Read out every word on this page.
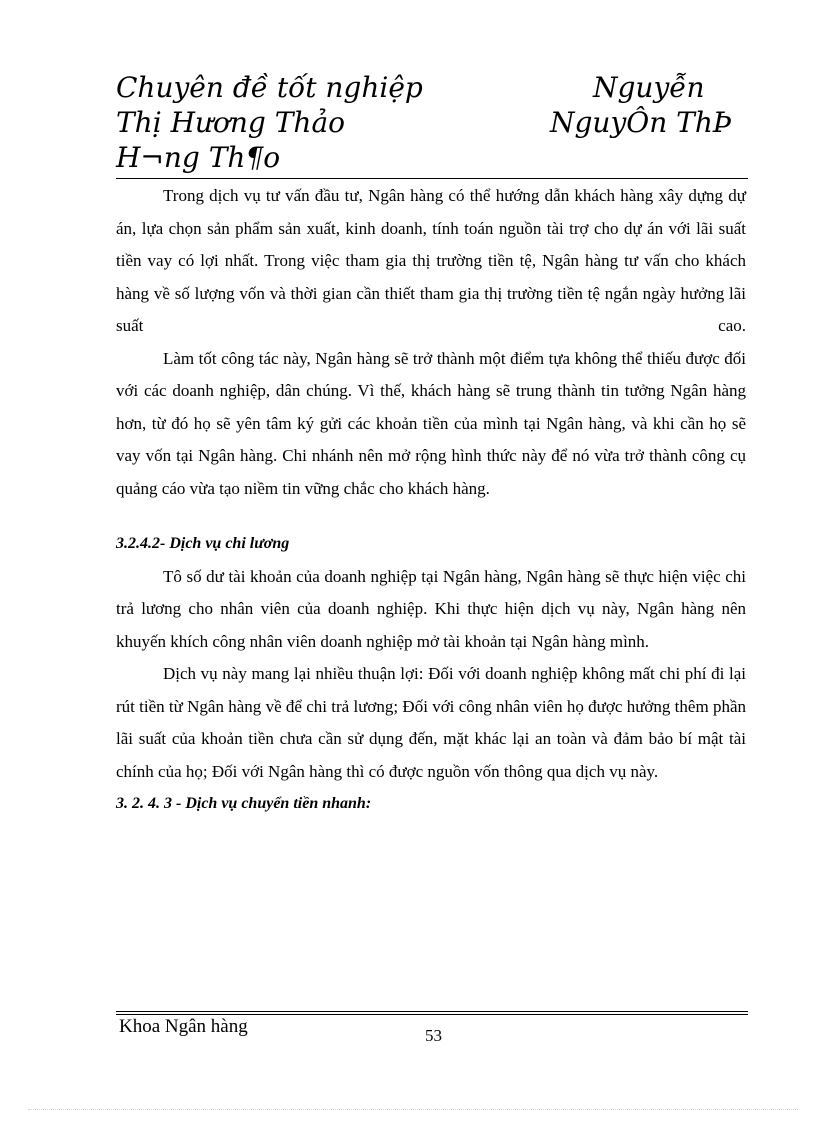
Chuyên đề tốt nghiệp	Nguyễn
Thị Hương Thảo	NguyÔn ThÞ
H¬ng Th¶o

Trong dịch vụ tư vấn đầu tư, Ngân hàng có thể hướng dẫn khách hàng xây dựng dự án, lựa chọn sản phẩm sản xuất, kinh doanh, tính toán nguồn tài trợ cho dự án với lãi suất tiền vay có lợi nhất. Trong việc tham gia thị trường tiền tệ, Ngân hàng tư vấn cho khách hàng về số lượng vốn và thời gian cần thiết tham gia thị trường tiền tệ ngắn ngày hưởng lãi suất cao.

Làm tốt công tác này, Ngân hàng sẽ trở thành một điểm tựa không thể thiếu được đối với các doanh nghiệp, dân chúng. Vì thế, khách hàng sẽ trung thành tin tưởng Ngân hàng hơn, từ đó họ sẽ yên tâm ký gửi các khoản tiền của mình tại Ngân hàng, và khi cần họ sẽ vay vốn tại Ngân hàng. Chi nhánh nên mở rộng hình thức này để nó vừa trở thành công cụ quảng cáo vừa tạo niềm tin vững chắc cho khách hàng.

3.2.4.2- Dịch vụ chi lương

Tô số dư tài khoản của doanh nghiệp tại Ngân hàng, Ngân hàng sẽ thực hiện việc chi trả lương cho nhân viên của doanh nghiệp. Khi thực hiện dịch vụ này, Ngân hàng nên khuyến khích công nhân viên doanh nghiệp mở tài khoản tại Ngân hàng mình.

Dịch vụ này mang lại nhiều thuận lợi: Đối với doanh nghiệp không mất chi phí đi lại rút tiền từ Ngân hàng về để chi trả lương; Đối với công nhân viên họ được hưởng thêm phần lãi suất của khoản tiền chưa cần sử dụng đến, mặt khác lại an toàn và đảm bảo bí mật tài chính của họ; Đối với Ngân hàng thì có được nguồn vốn thông qua dịch vụ này.

3. 2. 4. 3 - Dịch vụ chuyển tiền nhanh:
Khoa Ngân hàng	53
